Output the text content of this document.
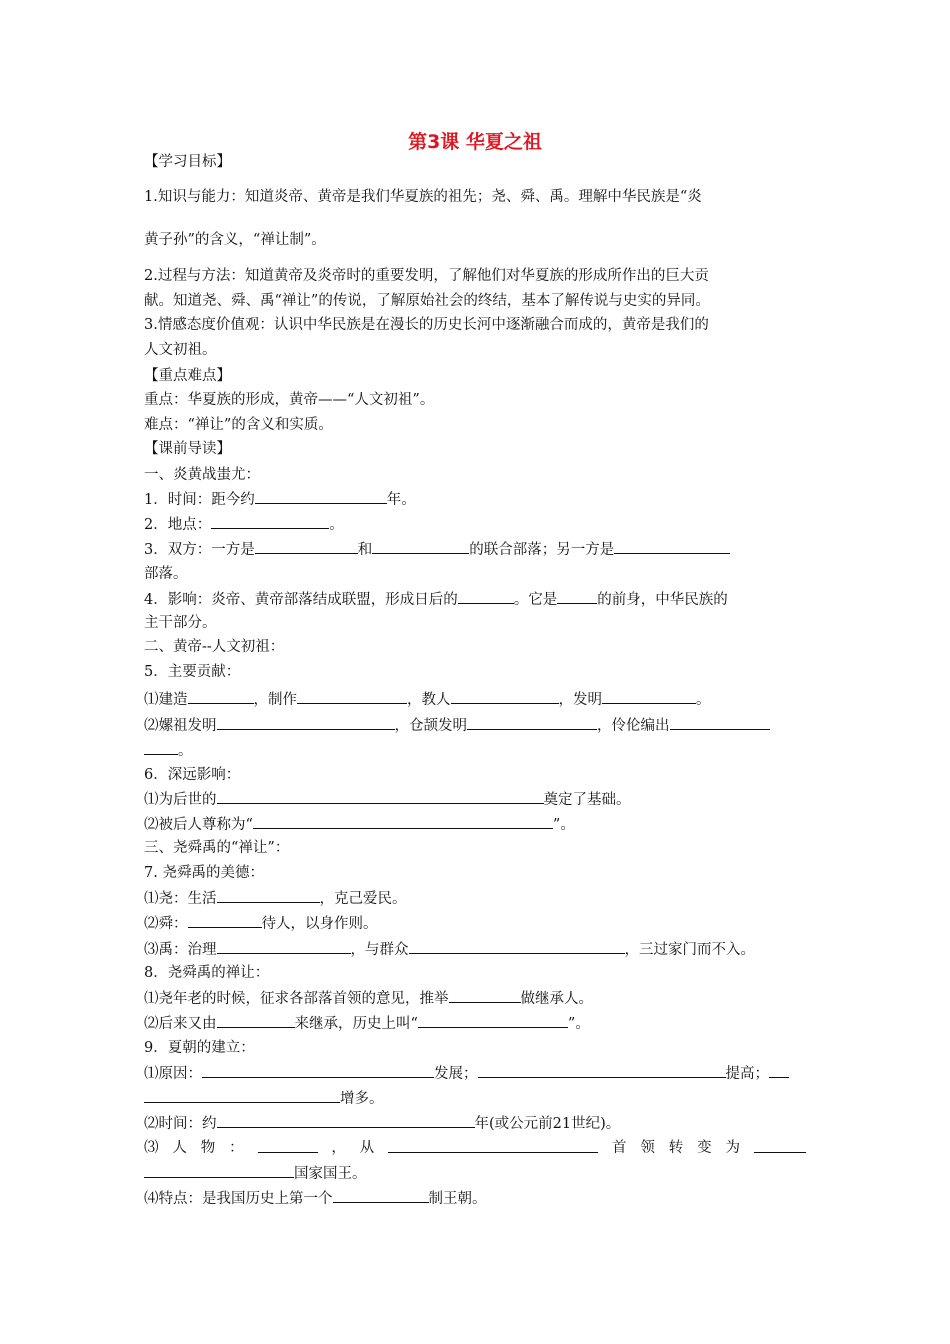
第3课 华夏之祖
【学习目标】
1.知识与能力：知道炎帝、黄帝是我们华夏族的祖先；尧、舜、禹。理解中华民族是“炎
黄子孙”的含义，“禅让制”。
2.过程与方法：知道黄帝及炎帝时的重要发明，了解他们对华夏族的形成所作出的巨大贡
献。知道尧、舜、禹“禅让”的传说，了解原始社会的终结，基本了解传说与史实的异同。
3.情感态度价值观：认识中华民族是在漫长的历史长河中逐渐融合而成的，黄帝是我们的
人文初祖。
【重点难点】
重点：华夏族的形成，黄帝——“人文初祖”。
难点：“禅让”的含义和实质。
【课前导读】
一、炎黄战蚩尤：
1．时间：距今约	年。
2．地点：	。
3．双方：一方是	和	的联合部落；另一方是
部落。
4．影响：炎帝、黄帝部落结成联盟，形成日后的	。它是	的前身，中华民族的
主干部分。
二、黄帝--人文初祖：
5．主要贡献：
⑴建造	，制作	，教人	，发明	。
⑵嫘祖发明	，仓颉发明	，伶伦编出
。
6．深远影响：
⑴为后世的	奠定了基础。
⑵被后人尊称为“	”。
三、尧舜禹的“禅让”：
7. 尧舜禹的美德：
⑴尧：生活	，克己爱民。
⑵舜：	待人，以身作则。
⑶禹：治理	，与群众	，三过家门而不入。
8．尧舜禹的禅让：
⑴尧年老的时候，征求各部落首领的意见，推举	做继承人。
⑵后来又由	来继承，历史上叫“	”。
9．夏朝的建立：
⑴原因：	发展；	提高；
增多。
⑵时间：约	年(或公元前21世纪)。
⑶ 人 物 ：	， 从	首 领 转 变 为
国家国王。
⑷特点：是我国历史上第一个	制王朝。
